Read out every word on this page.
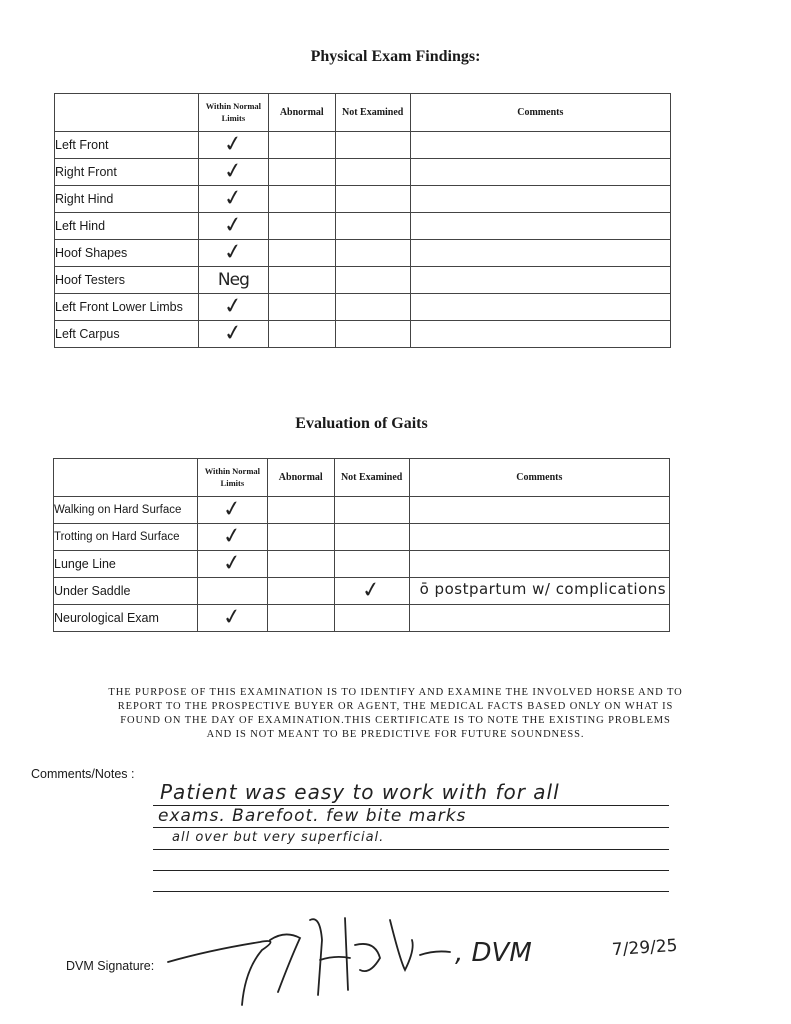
Physical Exam Findings:
	Within Normal Limits	Abnormal	Not Examined	Comments
Left Front	✓			
Right Front	✓			
Right Hind	✓			
Left Hind	✓			
Hoof Shapes	✓			
Hoof Testers	Neg			
Left Front Lower Limbs	✓			
Left Carpus	✓			
Evaluation of Gaits
	Within Normal Limits	Abnormal	Not Examined	Comments
Walking on Hard Surface	✓			
Trotting on Hard Surface	✓			
Lunge Line	✓			
Under Saddle			✓	ō postpartum w/ complications

Neurological Exam	✓			
THE PURPOSE OF THIS EXAMINATION IS TO IDENTIFY AND EXAMINE THE INVOLVED HORSE AND TO
REPORT TO THE PROSPECTIVE BUYER OR AGENT, THE MEDICAL FACTS BASED ONLY ON WHAT IS
FOUND ON THE DAY OF EXAMINATION.THIS CERTIFICATE IS TO NOTE THE EXISTING PROBLEMS
AND IS NOT MEANT TO BE PREDICTIVE FOR FUTURE SOUNDNESS.
Comments/Notes :
Patient was easy to work with for all
exams. Barefoot. few bite marks
all over but very superficial.
DVM Signature:	, DVM	7/29/25
